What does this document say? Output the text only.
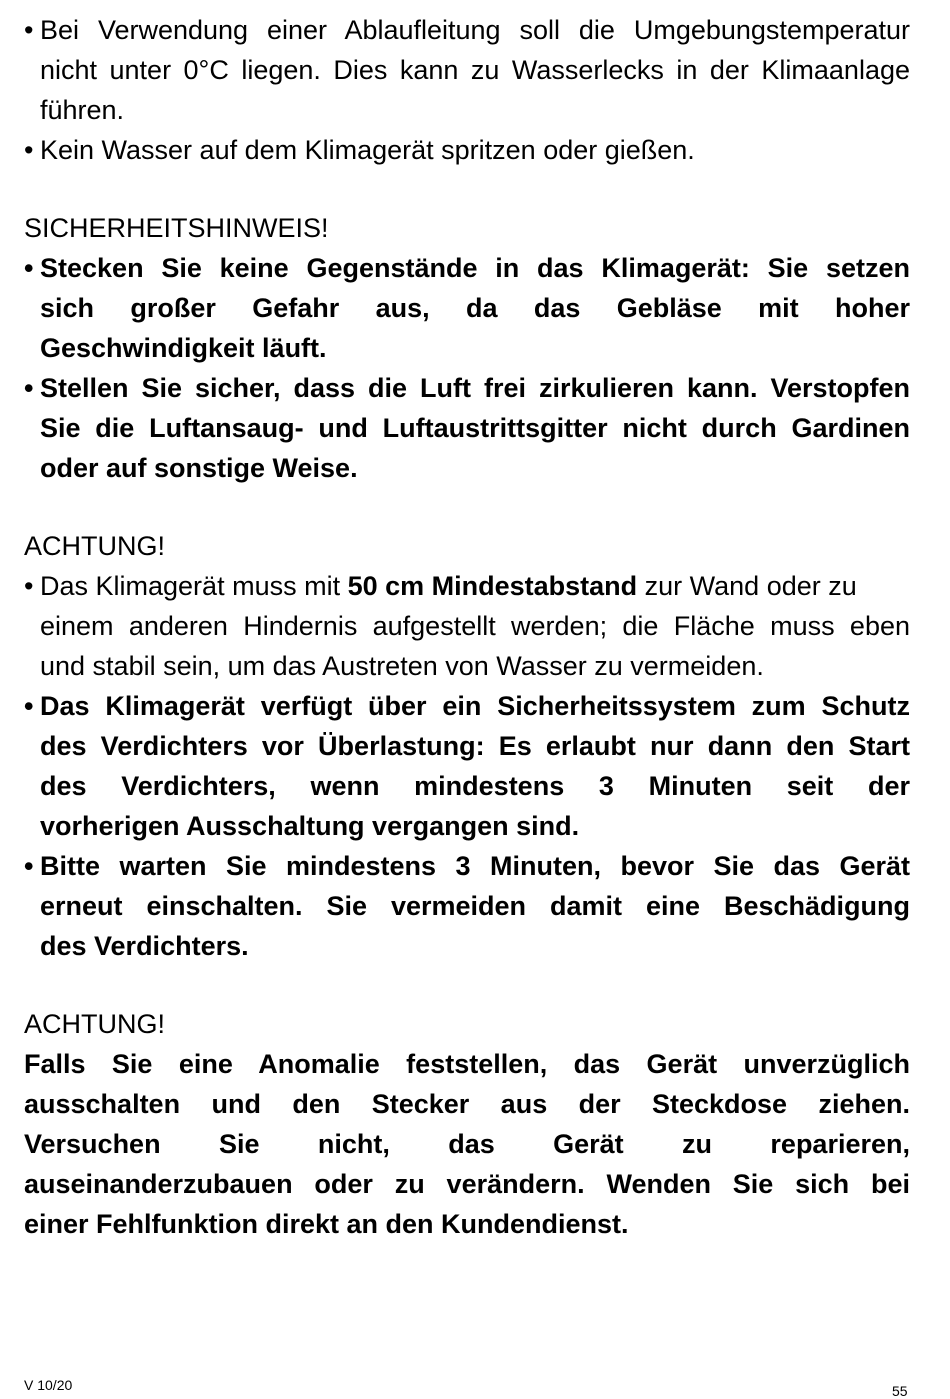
• Bei Verwendung einer Ablaufleitung soll die Umgebungstemperatur
nicht unter 0°C liegen. Dies kann zu Wasserlecks in der Klimaanlage
führen.
• Kein Wasser auf dem Klimagerät spritzen oder gießen.
SICHERHEITSHINWEIS!
• Stecken Sie keine Gegenstände in das Klimagerät: Sie setzen
sich großer Gefahr aus, da das Gebläse mit hoher
Geschwindigkeit läuft.
• Stellen Sie sicher, dass die Luft frei zirkulieren kann. Verstopfen
Sie die Luftansaug- und Luftaustrittsgitter nicht durch Gardinen
oder auf sonstige Weise.
ACHTUNG!
• Das Klimagerät muss mit 50 cm Mindestabstand zur Wand oder zu
einem anderen Hindernis aufgestellt werden; die Fläche muss eben
und stabil sein, um das Austreten von Wasser zu vermeiden.
• Das Klimagerät verfügt über ein Sicherheitssystem zum Schutz
des Verdichters vor Überlastung: Es erlaubt nur dann den Start
des Verdichters, wenn mindestens 3 Minuten seit der
vorherigen Ausschaltung vergangen sind.
• Bitte warten Sie mindestens 3 Minuten, bevor Sie das Gerät
erneut einschalten. Sie vermeiden damit eine Beschädigung
des Verdichters.
ACHTUNG!
Falls Sie eine Anomalie feststellen, das Gerät unverzüglich
ausschalten und den Stecker aus der Steckdose ziehen.
Versuchen Sie nicht, das Gerät zu reparieren,
auseinanderzubauen oder zu verändern. Wenden Sie sich bei
einer Fehlfunktion direkt an den Kundendienst.
V 10/20	55
